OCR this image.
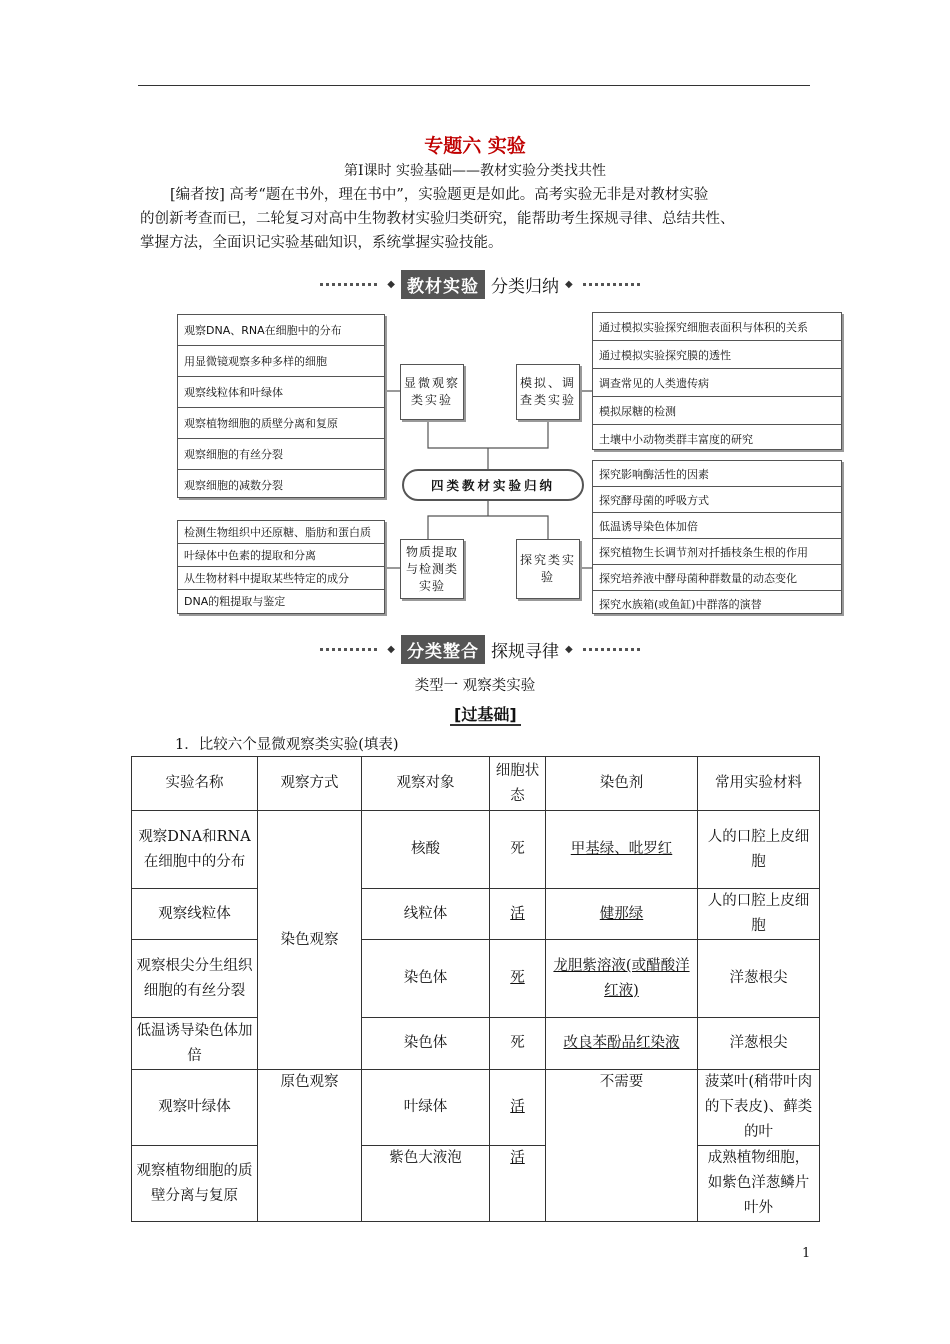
专题六 实验
第Ⅰ课时 实验基础——教材实验分类找共性

[编者按] 高考“题在书外，理在书中”，实验题更是如此。高考实验无非是对教材实验

的创新考查而已，二轮复习对高中生物教材实验归类研究，能帮助考生探规寻律、总结共性、

掌握方法，全面识记实验基础知识，系统掌握实验技能。

◆ 教材实验 分类归纳 ◆
观察DNA、RNA在细胞中的分布
用显微镜观察多种多样的细胞
观察线粒体和叶绿体
观察植物细胞的质壁分离和复原
观察细胞的有丝分裂
观察细胞的减数分裂
显微观察类实验
模拟、调查类实验
通过模拟实验探究细胞表面积与体积的关系
通过模拟实验探究膜的透性
调查常见的人类遗传病
模拟尿糖的检测
土壤中小动物类群丰富度的研究
四类教材实验归纳
探究影响酶活性的因素
探究酵母菌的呼吸方式
低温诱导染色体加倍
探究植物生长调节剂对扦插枝条生根的作用
探究培养液中酵母菌种群数量的动态变化
探究水族箱(或鱼缸)中群落的演替
检测生物组织中还原糖、脂肪和蛋白质
叶绿体中色素的提取和分离
从生物材料中提取某些特定的成分
DNA的粗提取与鉴定
物质提取与检测类实验
探究类实验
◆ 分类整合 探规寻律 ◆
类型一 观察类实验
[过基础]
1．比较六个显微观察类实验(填表)
实验名称	观察方式	观察对象	细胞状态	染色剂	常用实验材料
观察DNA和RNA在细胞中的分布	染色观察	核酸	死	甲基绿、吡罗红	人的口腔上皮细胞
观察线粒体		线粒体	活	健那绿	人的口腔上皮细胞
观察根尖分生组织细胞的有丝分裂		染色体	死	龙胆紫溶液(或醋酸洋红液)	洋葱根尖
低温诱导染色体加倍		染色体	死	改良苯酚品红染液	洋葱根尖
观察叶绿体	原色观察	叶绿体	活	不需要	菠菜叶(稍带叶肉的下表皮)、藓类的叶
观察植物细胞的质壁分离与复原		紫色大液泡	活		成熟植物细胞，如紫色洋葱鳞片叶外
1
